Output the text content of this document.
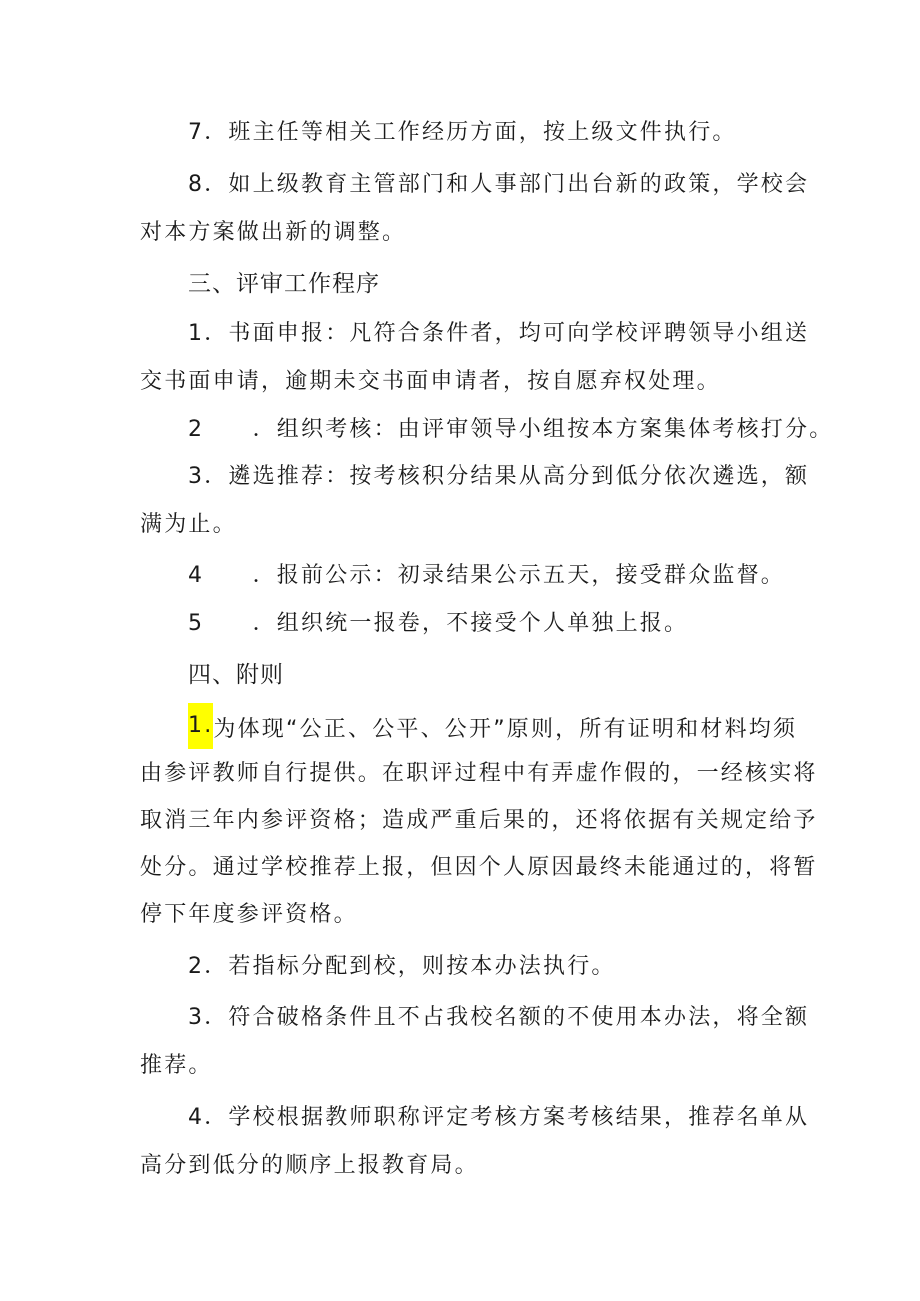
7．班主任等相关工作经历方面，按上级文件执行。
8．如上级教育主管部门和人事部门出台新的政策，学校会
对本方案做出新的调整。
三、评审工作程序
1．书面申报：凡符合条件者，均可向学校评聘领导小组送
交书面申请，逾期未交书面申请者，按自愿弃权处理。
2　　．组织考核：由评审领导小组按本方案集体考核打分。
3．遴选推荐：按考核积分结果从高分到低分依次遴选，额
满为止。
4　　．报前公示：初录结果公示五天，接受群众监督。
5　　．组织统一报卷，不接受个人单独上报。
四、附则
1.为体现“公正、公平、公开”原则，所有证明和材料均须
由参评教师自行提供。在职评过程中有弄虚作假的，一经核实将
取消三年内参评资格；造成严重后果的，还将依据有关规定给予
处分。通过学校推荐上报，但因个人原因最终未能通过的，将暂
停下年度参评资格。
2．若指标分配到校，则按本办法执行。
3．符合破格条件且不占我校名额的不使用本办法，将全额
推荐。
4．学校根据教师职称评定考核方案考核结果，推荐名单从
高分到低分的顺序上报教育局。
